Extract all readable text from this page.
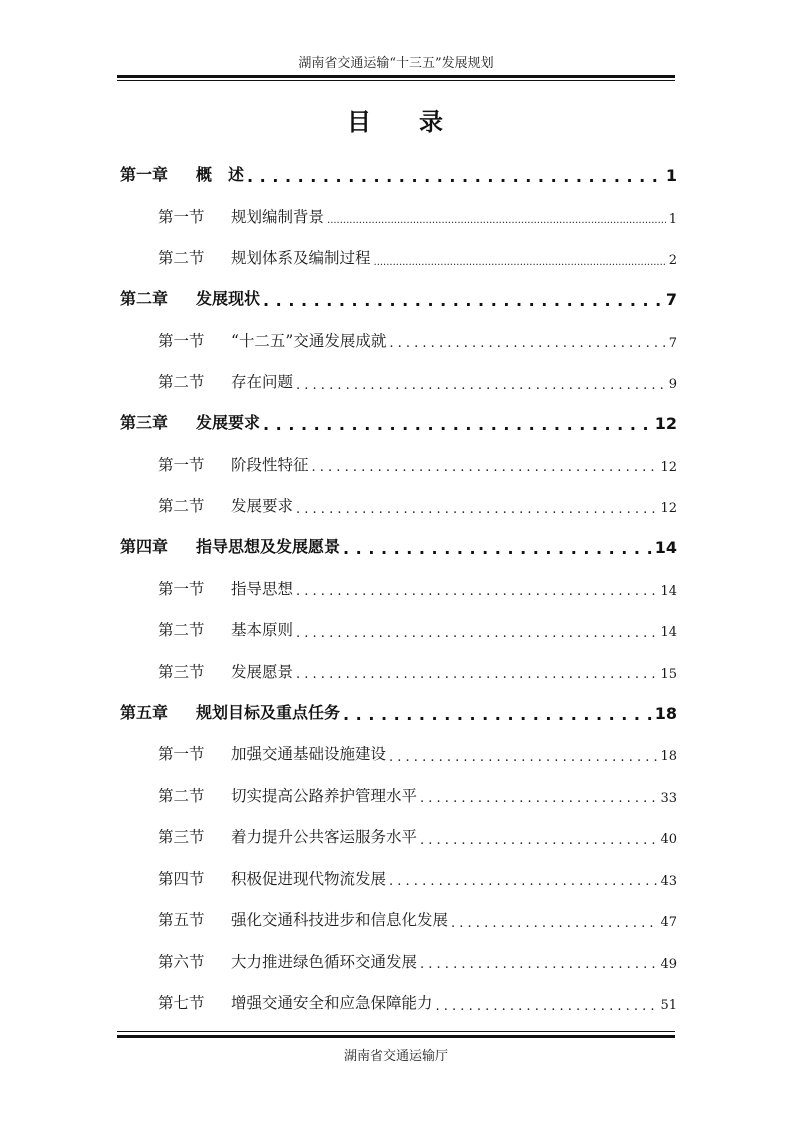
湖南省交通运输“十三五”发展规划
目 录
第一章	概　述 . . .	1
第一节	规划编制背景 .....	1
第二节	规划体系及编制过程 .....	2
第二章	发展现状 . . .	7
第一节	“十二五”交通发展成就 . . .	7
第二节	存在问题 . . .	9
第三章	发展要求 . . .	12
第一节	阶段性特征 . . .	12
第二节	发展要求 . . .	12
第四章	指导思想及发展愿景 . . .	14
第一节	指导思想 . . .	14
第二节	基本原则 . . .	14
第三节	发展愿景 . . .	15
第五章	规划目标及重点任务 . . .	18
第一节	加强交通基础设施建设 . . .	18
第二节	切实提高公路养护管理水平 . . .	33
第三节	着力提升公共客运服务水平 . . .	40
第四节	积极促进现代物流发展 . . .	43
第五节	强化交通科技进步和信息化发展 . . .	47
第六节	大力推进绿色循环交通发展 . . .	49
第七节	增强交通安全和应急保障能力 . . .	51
湖南省交通运输厅
